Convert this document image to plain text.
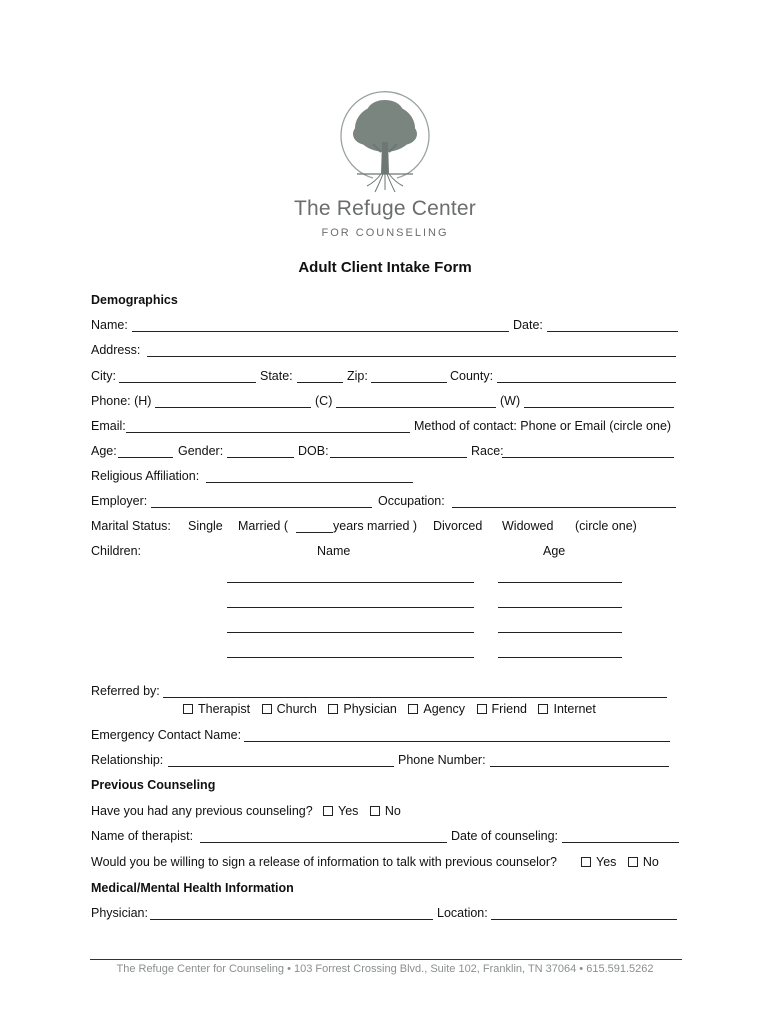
The Refuge Center
FOR COUNSELING
Adult Client Intake Form
Demographics
Name:	Date:
Address:
City:	State:	Zip:	County:
Phone: (H)	(C)	(W)
Email:	Method of contact: Phone or Email (circle one)
Age:	Gender:	DOB:	Race:
Religious Affiliation:
Employer:	Occupation:
Marital Status: Single Married (	years married ) Divorced Widowed (circle one)
Children:	Name	Age
Referred by:
Therapist Church Physician Agency Friend Internet
Emergency Contact Name:
Relationship:	Phone Number:
Previous Counseling
Have you had any previous counseling?	Yes No
Name of therapist:	Date of counseling:
Would you be willing to sign a release of information to talk with previous counselor?	Yes No
Medical/Mental Health Information
Physician:	Location:
The Refuge Center for Counseling • 103 Forrest Crossing Blvd., Suite 102, Franklin, TN 37064 • 615.591.5262
